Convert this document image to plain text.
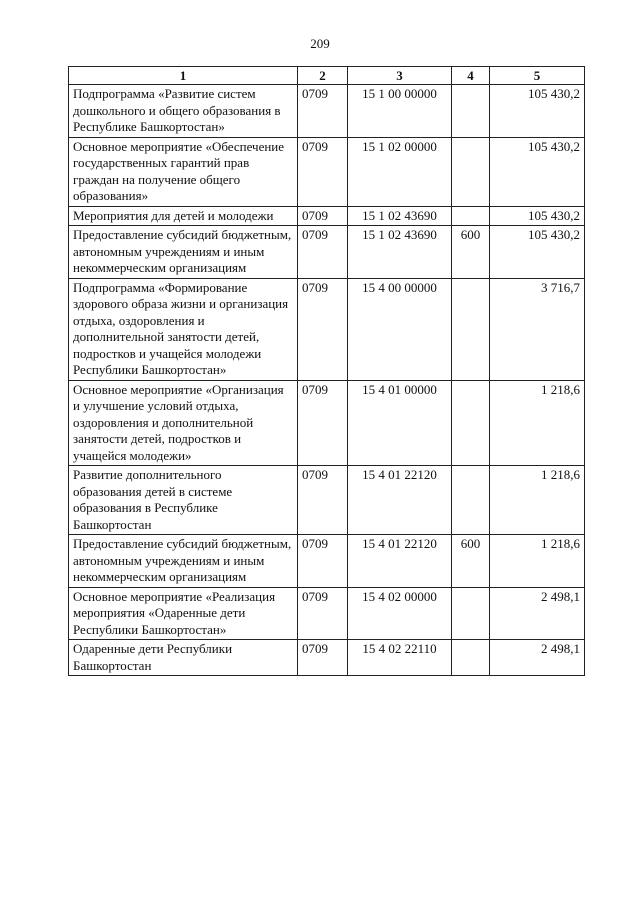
209
1	2	3	4	5
Подпрограмма «Развитие систем дошкольного и общего образования в Республике Башкортостан»	0709	15 1 00 00000		105 430,2
Основное мероприятие «Обеспечение государственных гарантий прав граждан на получение общего образования»	0709	15 1 02 00000		105 430,2
Мероприятия для детей и молодежи	0709	15 1 02 43690		105 430,2
Предоставление субсидий бюджетным, автономным учреждениям и иным некоммерческим организациям	0709	15 1 02 43690	600	105 430,2
Подпрограмма «Формирование здорового образа жизни и организация отдыха, оздоровления и дополнительной занятости детей, подростков и учащейся молодежи Республики Башкортостан»	0709	15 4 00 00000		3 716,7
Основное мероприятие «Организация и улучшение условий отдыха, оздоровления и дополнительной занятости детей, подростков и учащейся молодежи»	0709	15 4 01 00000		1 218,6
Развитие дополнительного образования детей в системе образования в Республике Башкортостан	0709	15 4 01 22120		1 218,6
Предоставление субсидий бюджетным, автономным учреждениям и иным некоммерческим организациям	0709	15 4 01 22120	600	1 218,6
Основное мероприятие «Реализация мероприятия «Одаренные дети Республики Башкортостан»	0709	15 4 02 00000		2 498,1
Одаренные дети Республики Башкортостан	0709	15 4 02 22110		2 498,1
